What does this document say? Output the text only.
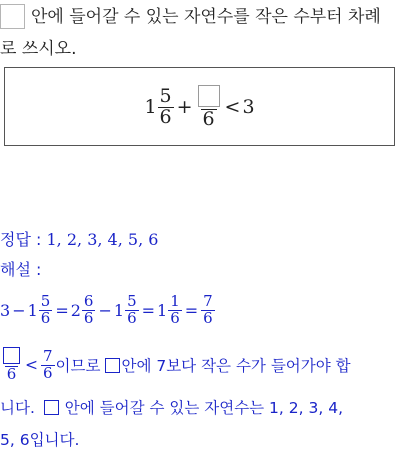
안에 들어갈 수 있는 자연수를 작은 수부터 차례
로 쓰시오.
$1 \frac{5}{6}$ +
6
< 3
정답 : 1, 2, 3, 4, 5, 6
해설 :
$3 - 1 \frac{5}{6} = 2 \frac{6}{6} - 1 \frac{5}{6} = 1 \frac{1}{6} = \frac{7}{6}$
6
< $\frac{7}{6}$ 이므로 안에 7보다 작은 수가 들어가야 합
니다. 안에 들어갈 수 있는 자연수는 1, 2, 3, 4,
5, 6입니다.
